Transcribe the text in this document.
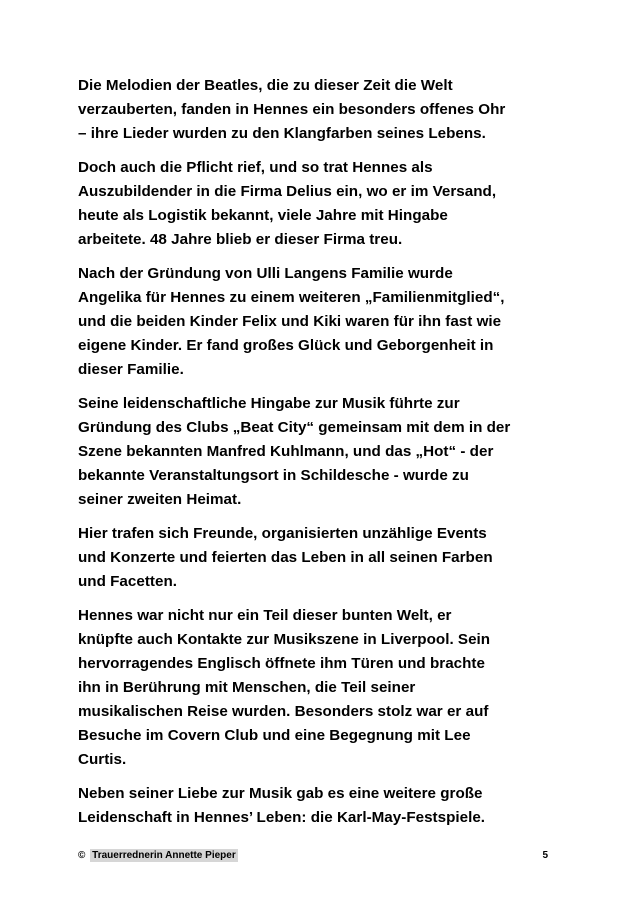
Die Melodien der Beatles, die zu dieser Zeit die Welt
verzauberten, fanden in Hennes ein besonders offenes Ohr
– ihre Lieder wurden zu den Klangfarben seines Lebens.

Doch auch die Pflicht rief, und so trat Hennes als
Auszubildender in die Firma Delius ein, wo er im Versand,
heute als Logistik bekannt, viele Jahre mit Hingabe
arbeitete. 48 Jahre blieb er dieser Firma treu.

Nach der Gründung von Ulli Langens Familie wurde
Angelika für Hennes zu einem weiteren „Familienmitglied“,
und die beiden Kinder Felix und Kiki waren für ihn fast wie
eigene Kinder. Er fand großes Glück und Geborgenheit in
dieser Familie.

Seine leidenschaftliche Hingabe zur Musik führte zur
Gründung des Clubs „Beat City“ gemeinsam mit dem in der
Szene bekannten Manfred Kuhlmann, und das „Hot“ - der
bekannte Veranstaltungsort in Schildesche - wurde zu
seiner zweiten Heimat.

Hier trafen sich Freunde, organisierten unzählige Events
und Konzerte und feierten das Leben in all seinen Farben
und Facetten.

Hennes war nicht nur ein Teil dieser bunten Welt, er
knüpfte auch Kontakte zur Musikszene in Liverpool. Sein
hervorragendes Englisch öffnete ihm Türen und brachte
ihn in Berührung mit Menschen, die Teil seiner
musikalischen Reise wurden. Besonders stolz war er auf
Besuche im Covern Club und eine Begegnung mit Lee
Curtis.

Neben seiner Liebe zur Musik gab es eine weitere große
Leidenschaft in Hennes’ Leben: die Karl-May-Festspiele.

© Trauerrednerin Annette Pieper	5
